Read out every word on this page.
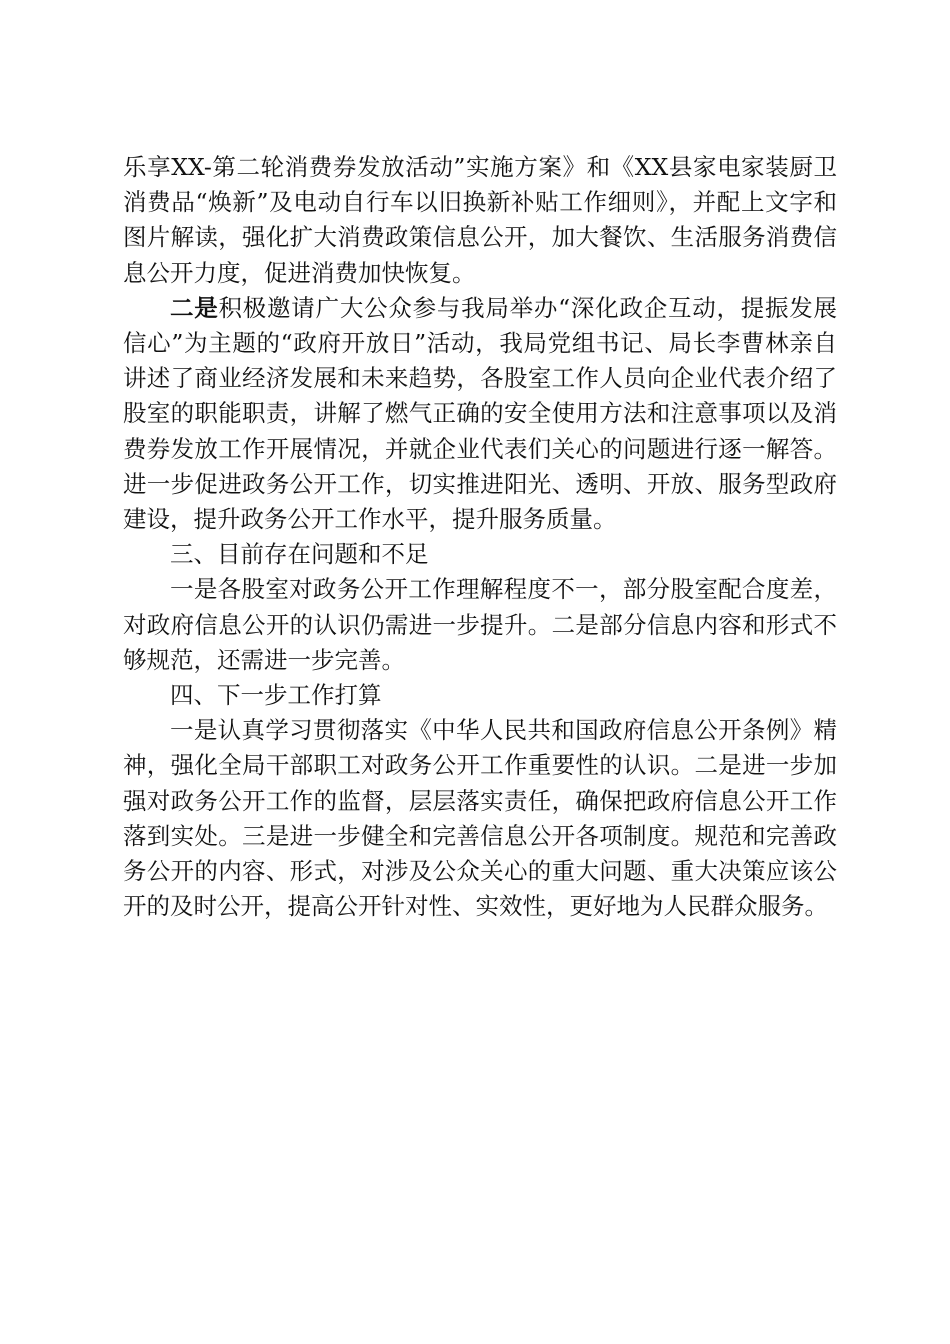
乐享XX-第二轮消费券发放活动”实施方案》和《XX县家电家装厨卫消费品“焕新”及电动自行车以旧换新补贴工作细则》，并配上文字和图片解读，强化扩大消费政策信息公开，加大餐饮、生活服务消费信息公开力度，促进消费加快恢复。

二是积极邀请广大公众参与我局举办“深化政企互动，提振发展信心”为主题的“政府开放日”活动，我局党组书记、局长李曹林亲自讲述了商业经济发展和未来趋势，各股室工作人员向企业代表介绍了股室的职能职责，讲解了燃气正确的安全使用方法和注意事项以及消费券发放工作开展情况，并就企业代表们关心的问题进行逐一解答。进一步促进政务公开工作，切实推进阳光、透明、开放、服务型政府建设，提升政务公开工作水平，提升服务质量。

三、目前存在问题和不足

一是各股室对政务公开工作理解程度不一，部分股室配合度差，对政府信息公开的认识仍需进一步提升。二是部分信息内容和形式不够规范，还需进一步完善。

四、下一步工作打算

一是认真学习贯彻落实《中华人民共和国政府信息公开条例》精神，强化全局干部职工对政务公开工作重要性的认识。二是进一步加强对政务公开工作的监督，层层落实责任，确保把政府信息公开工作落到实处。三是进一步健全和完善信息公开各项制度。规范和完善政务公开的内容、形式，对涉及公众关心的重大问题、重大决策应该公开的及时公开，提高公开针对性、实效性，更好地为人民群众服务。
